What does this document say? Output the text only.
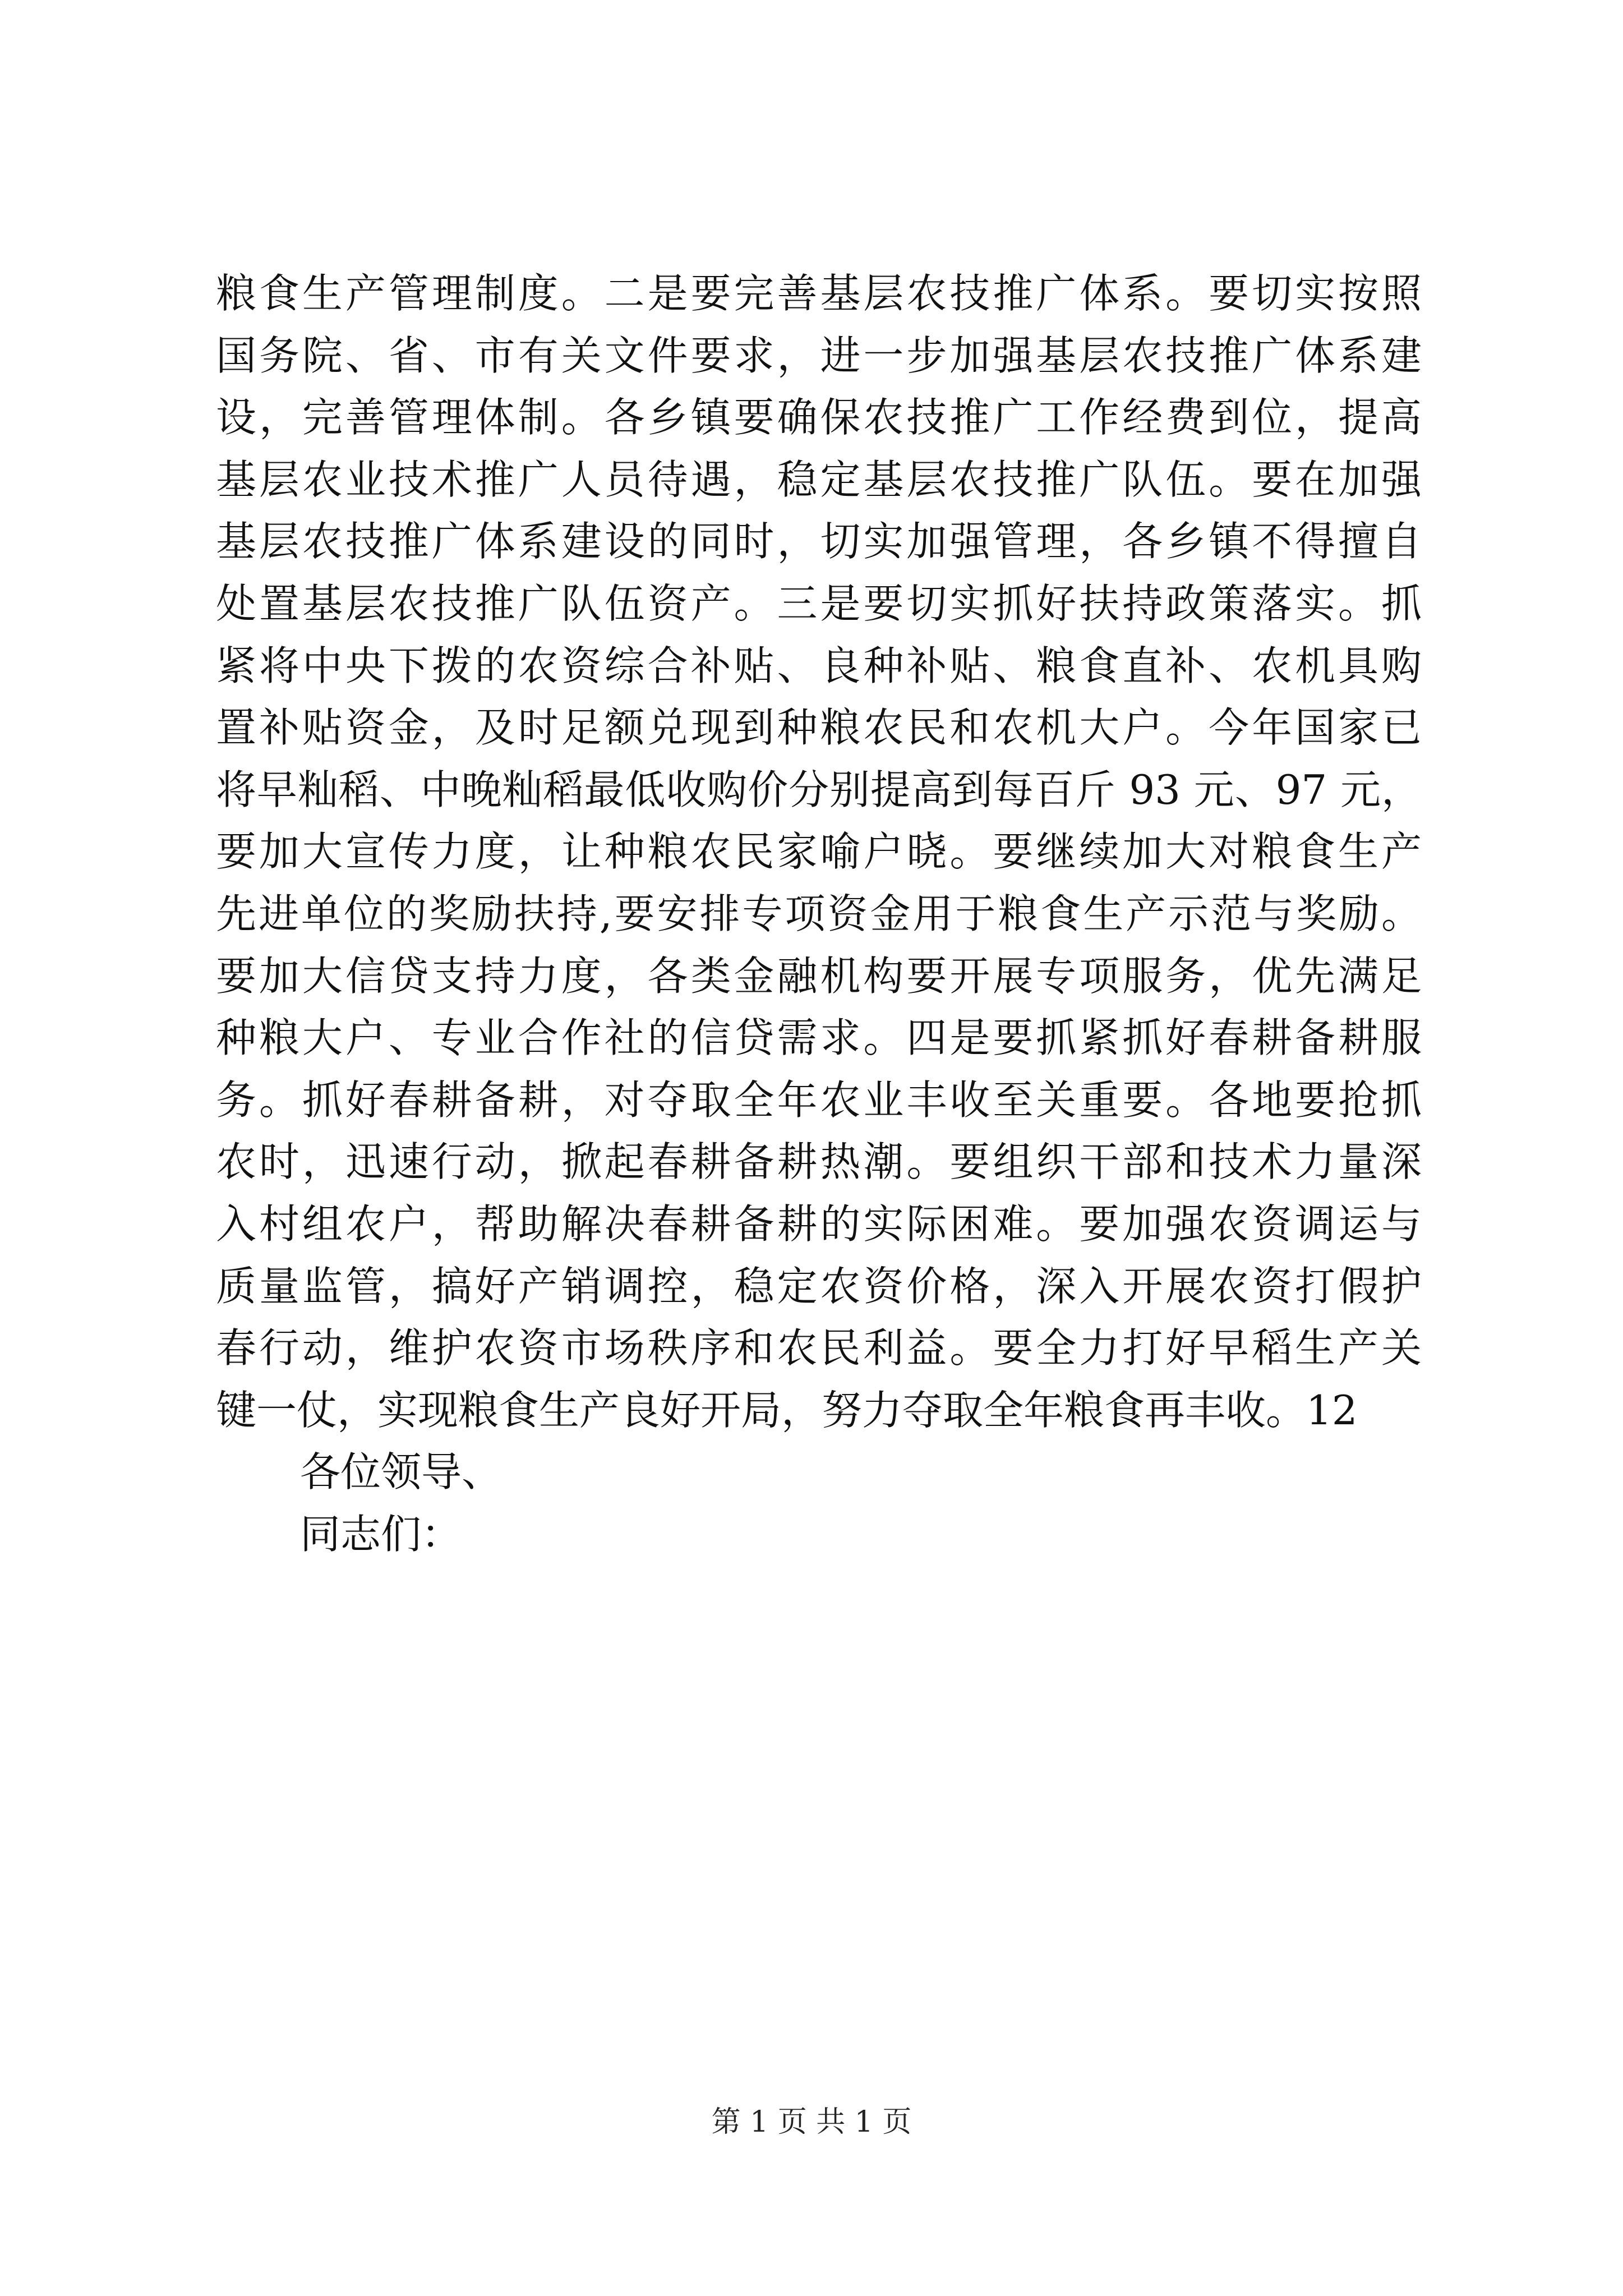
粮食生产管理制度。二是要完善基层农技推广体系。要切实按照
国务院、省、市有关文件要求，进一步加强基层农技推广体系建
设，完善管理体制。各乡镇要确保农技推广工作经费到位，提高
基层农业技术推广人员待遇，稳定基层农技推广队伍。要在加强
基层农技推广体系建设的同时，切实加强管理，各乡镇不得擅自
处置基层农技推广队伍资产。三是要切实抓好扶持政策落实。抓
紧将中央下拨的农资综合补贴、良种补贴、粮食直补、农机具购
置补贴资金，及时足额兑现到种粮农民和农机大户。今年国家已
将早籼稻、中晚籼稻最低收购价分别提高到每百斤 93 元、97 元，
要加大宣传力度，让种粮农民家喻户晓。要继续加大对粮食生产
先进单位的奖励扶持,要安排专项资金用于粮食生产示范与奖励。
要加大信贷支持力度，各类金融机构要开展专项服务，优先满足
种粮大户、专业合作社的信贷需求。四是要抓紧抓好春耕备耕服
务。抓好春耕备耕，对夺取全年农业丰收至关重要。各地要抢抓
农时，迅速行动，掀起春耕备耕热潮。要组织干部和技术力量深
入村组农户，帮助解决春耕备耕的实际困难。要加强农资调运与
质量监管，搞好产销调控，稳定农资价格，深入开展农资打假护
春行动，维护农资市场秩序和农民利益。要全力打好早稻生产关
键一仗，实现粮食生产良好开局，努力夺取全年粮食再丰收。12
各位领导、
同志们：
第 1 页 共 1 页
